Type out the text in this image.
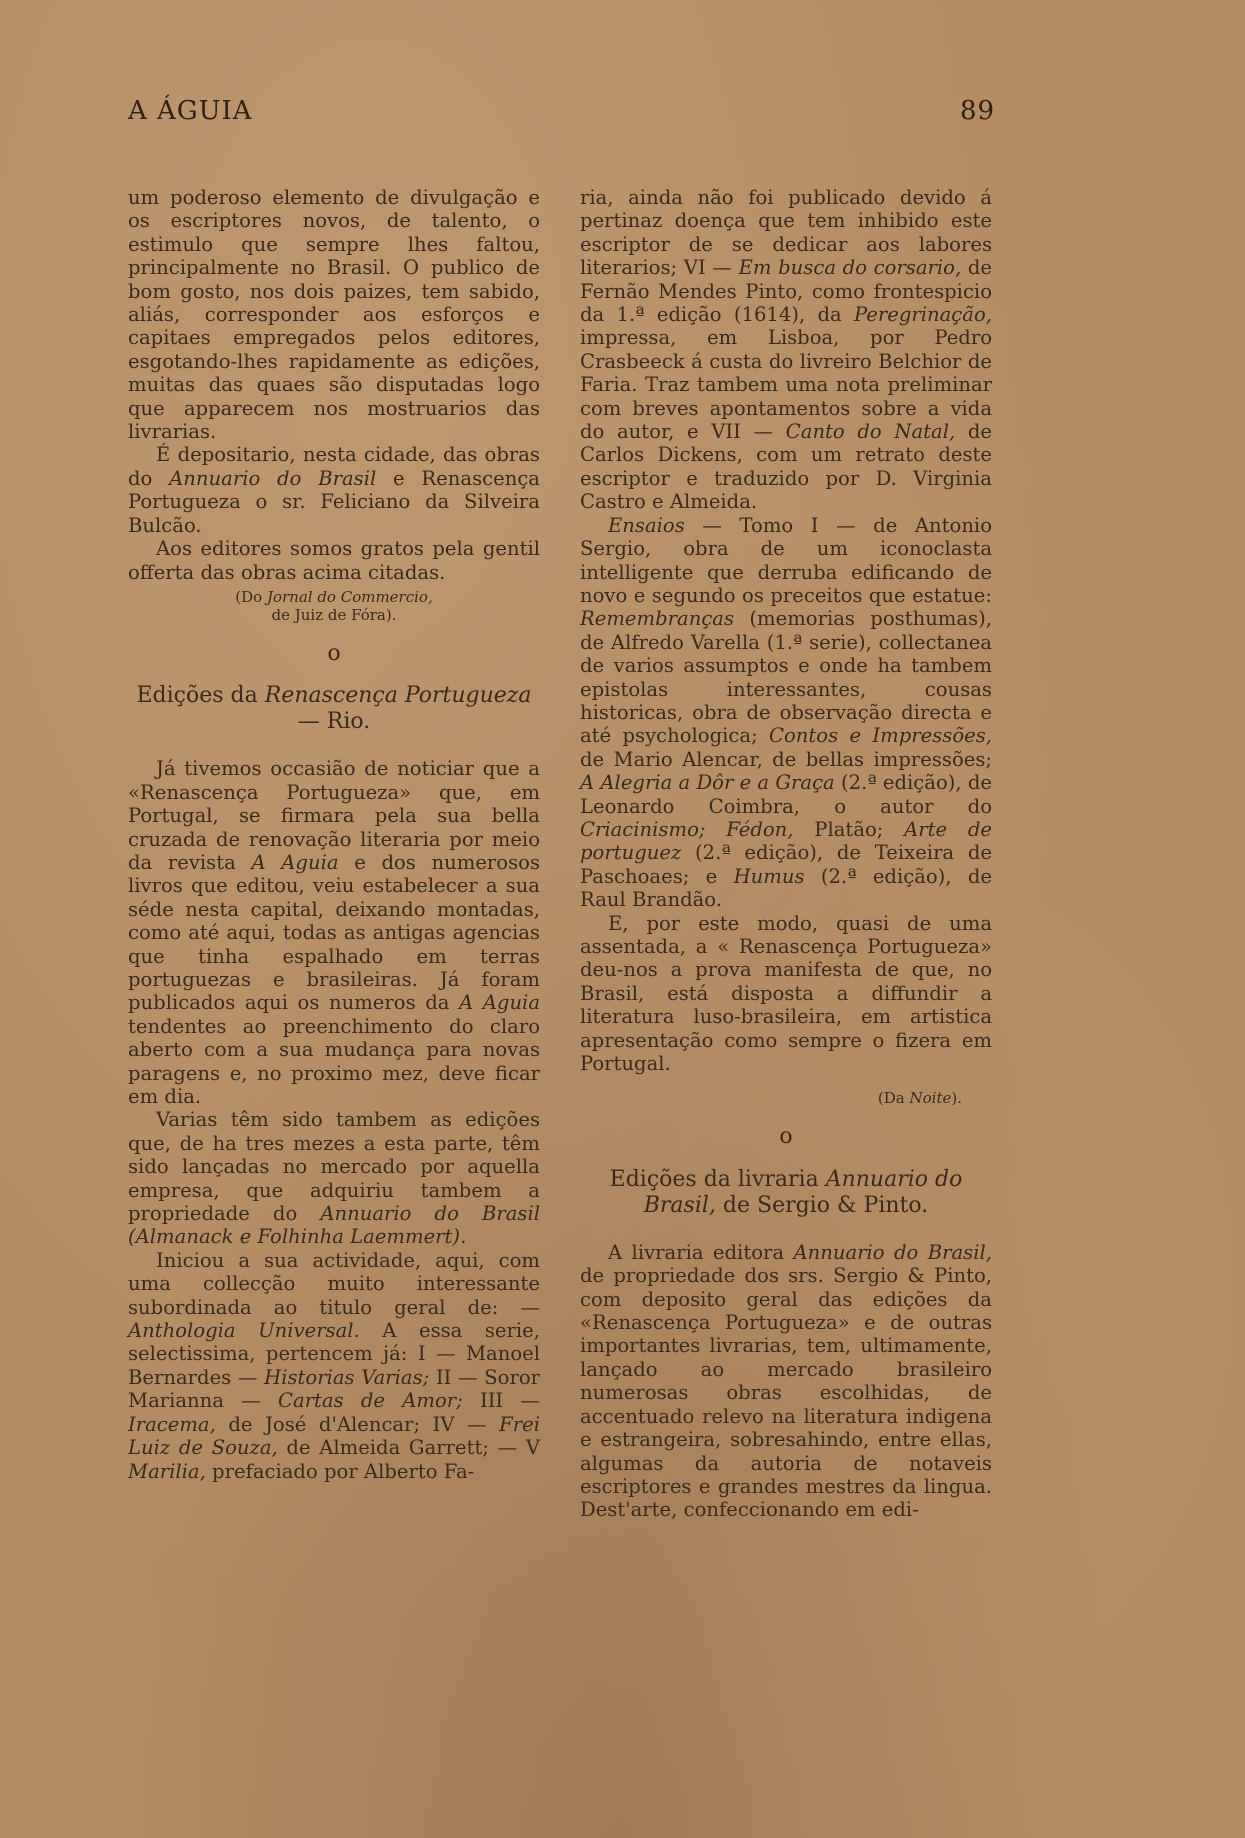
A ÁGUIA	89

um poderoso elemento de divulgação e os escriptores novos, de talento, o estimulo que sempre lhes faltou, principalmente no Brasil. O publico de bom gosto, nos dois paizes, tem sabido, aliás, corresponder aos esforços e capitaes empregados pelos editores, esgotando-lhes rapidamente as edições, muitas das quaes são disputadas logo que apparecem nos mostruarios das livrarias.

É depositario, nesta cidade, das obras do Annuario do Brasil e Renascença Portugueza o sr. Feliciano da Silveira Bulcão.

Aos editores somos gratos pela gentil offerta das obras acima citadas.

(Do Jornal do Commercio,
de Juiz de Fóra).
o
Edições da Renascença Portugueza — Rio.

Já tivemos occasião de noticiar que a «Renascença Portugueza» que, em Portugal, se firmara pela sua bella cruzada de renovação literaria por meio da revista A Aguia e dos numerosos livros que editou, veiu estabelecer a sua séde nesta capital, deixando montadas, como até aqui, todas as antigas agencias que tinha espalhado em terras portuguezas e brasileiras. Já foram publicados aqui os numeros da A Aguia tendentes ao preenchimento do claro aberto com a sua mudança para novas paragens e, no proximo mez, deve ficar em dia.

Varias têm sido tambem as edições que, de ha tres mezes a esta parte, têm sido lançadas no mercado por aquella empresa, que adquiriu tambem a propriedade do Annuario do Brasil (Almanack e Folhinha Laemmert).

Iniciou a sua actividade, aqui, com uma collecção muito interessante subordinada ao titulo geral de: — Anthologia Universal. A essa serie, selectissima, pertencem já: I — Manoel Bernardes — Historias Varias; II — Soror Marianna — Cartas de Amor; III — Iracema, de José d'Alencar; IV — Frei Luiz de Souza, de Almeida Garrett; — V Marilia, prefaciado por Alberto Fa-

ria, ainda não foi publicado devido á pertinaz doença que tem inhibido este escriptor de se dedicar aos labores literarios; VI — Em busca do corsario, de Fernão Mendes Pinto, como frontespicio da 1.ª edição (1614), da Peregrinação, impressa, em Lisboa, por Pedro Crasbeeck á custa do livreiro Belchior de Faria. Traz tambem uma nota preliminar com breves apontamentos sobre a vida do autor, e VII — Canto do Natal, de Carlos Dickens, com um retrato deste escriptor e traduzido por D. Virginia Castro e Almeida.

Ensaios — Tomo I — de Antonio Sergio, obra de um iconoclasta intelligente que derruba edificando de novo e segundo os preceitos que estatue: Remembranças (memorias posthumas), de Alfredo Varella (1.ª serie), collectanea de varios assumptos e onde ha tambem epistolas interessantes, cousas historicas, obra de observação directa e até psychologica; Contos e Impressões, de Mario Alencar, de bellas impressões; A Alegria a Dôr e a Graça (2.ª edição), de Leonardo Coimbra, o autor do Criacinismo; Fédon, Platão; Arte de portuguez (2.ª edição), de Teixeira de Paschoaes; e Humus (2.ª edição), de Raul Brandão.

E, por este modo, quasi de uma assentada, a « Renascença Portugueza» deu-nos a prova manifesta de que, no Brasil, está disposta a diffundir a literatura luso-brasileira, em artistica apresentação como sempre o fizera em Portugal.

(Da Noite).
o
Edições da livraria Annuario do Brasil, de Sergio & Pinto.

A livraria editora Annuario do Brasil, de propriedade dos srs. Sergio & Pinto, com deposito geral das edições da «Renascença Portugueza» e de outras importantes livrarias, tem, ultimamente, lançado ao mercado brasileiro numerosas obras escolhidas, de accentuado relevo na literatura indigena e estrangeira, sobresahindo, entre ellas, algumas da autoria de notaveis escriptores e grandes mestres da lingua. Dest'arte, confeccionando em edi-
